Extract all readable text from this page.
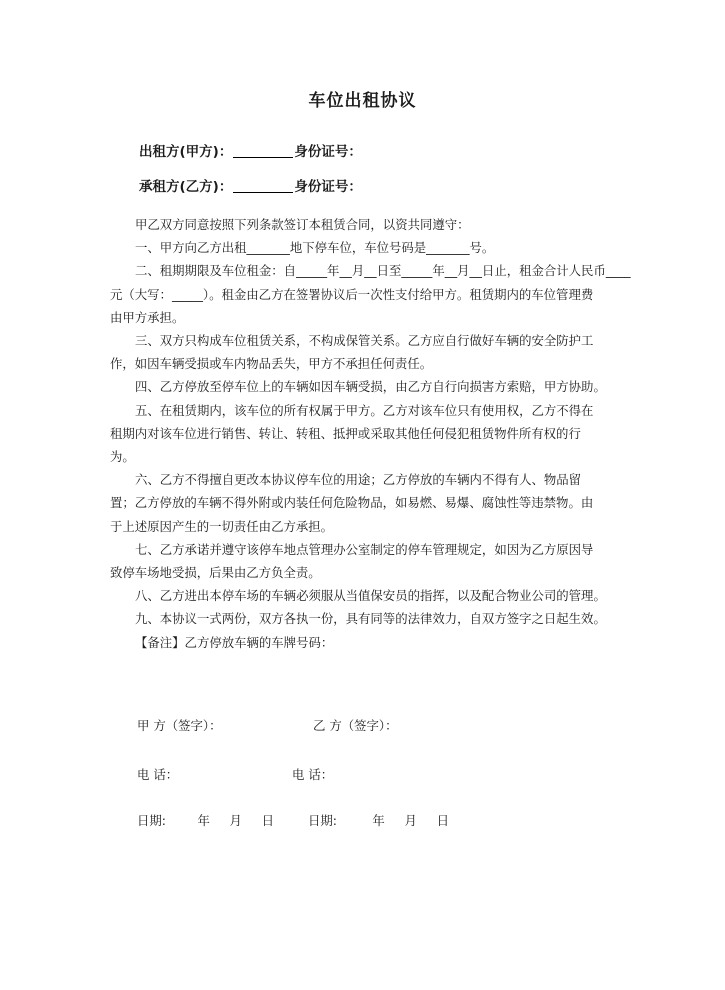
车位出租协议
出租方(甲方)：	身份证号：
承租方(乙方)：	身份证号：

甲乙双方同意按照下列条款签订本租赁合同，以资共同遵守：

一、甲方向乙方出租_______地下停车位，车位号码是_______号。

二、租期期限及车位租金：自_____年__月__日至_____年__月__日止，租金合计人民币____

元（大写：_____）。租金由乙方在签署协议后一次性支付给甲方。租赁期内的车位管理费

由甲方承担。

三、双方只构成车位租赁关系，不构成保管关系。乙方应自行做好车辆的安全防护工

作，如因车辆受损或车内物品丢失，甲方不承担任何责任。

四、乙方停放至停车位上的车辆如因车辆受损，由乙方自行向损害方索赔，甲方协助。

五、在租赁期内，该车位的所有权属于甲方。乙方对该车位只有使用权，乙方不得在

租期内对该车位进行销售、转让、转租、抵押或采取其他任何侵犯租赁物件所有权的行

为。

六、乙方不得擅自更改本协议停车位的用途；乙方停放的车辆内不得有人、物品留

置；乙方停放的车辆不得外附或内装任何危险物品，如易燃、易爆、腐蚀性等违禁物。由

于上述原因产生的一切责任由乙方承担。

七、乙方承诺并遵守该停车地点管理办公室制定的停车管理规定，如因为乙方原因导

致停车场地受损，后果由乙方负全责。

八、乙方进出本停车场的车辆必须服从当值保安员的指挥，以及配合物业公司的管理。

九、本协议一式两份，双方各执一份，具有同等的法律效力，自双方签字之日起生效。

【备注】乙方停放车辆的车牌号码：

甲 方（签字）：	乙 方（签字）：
电 话：	电 话：
日期:        年     月     日	日期:         年     月     日
